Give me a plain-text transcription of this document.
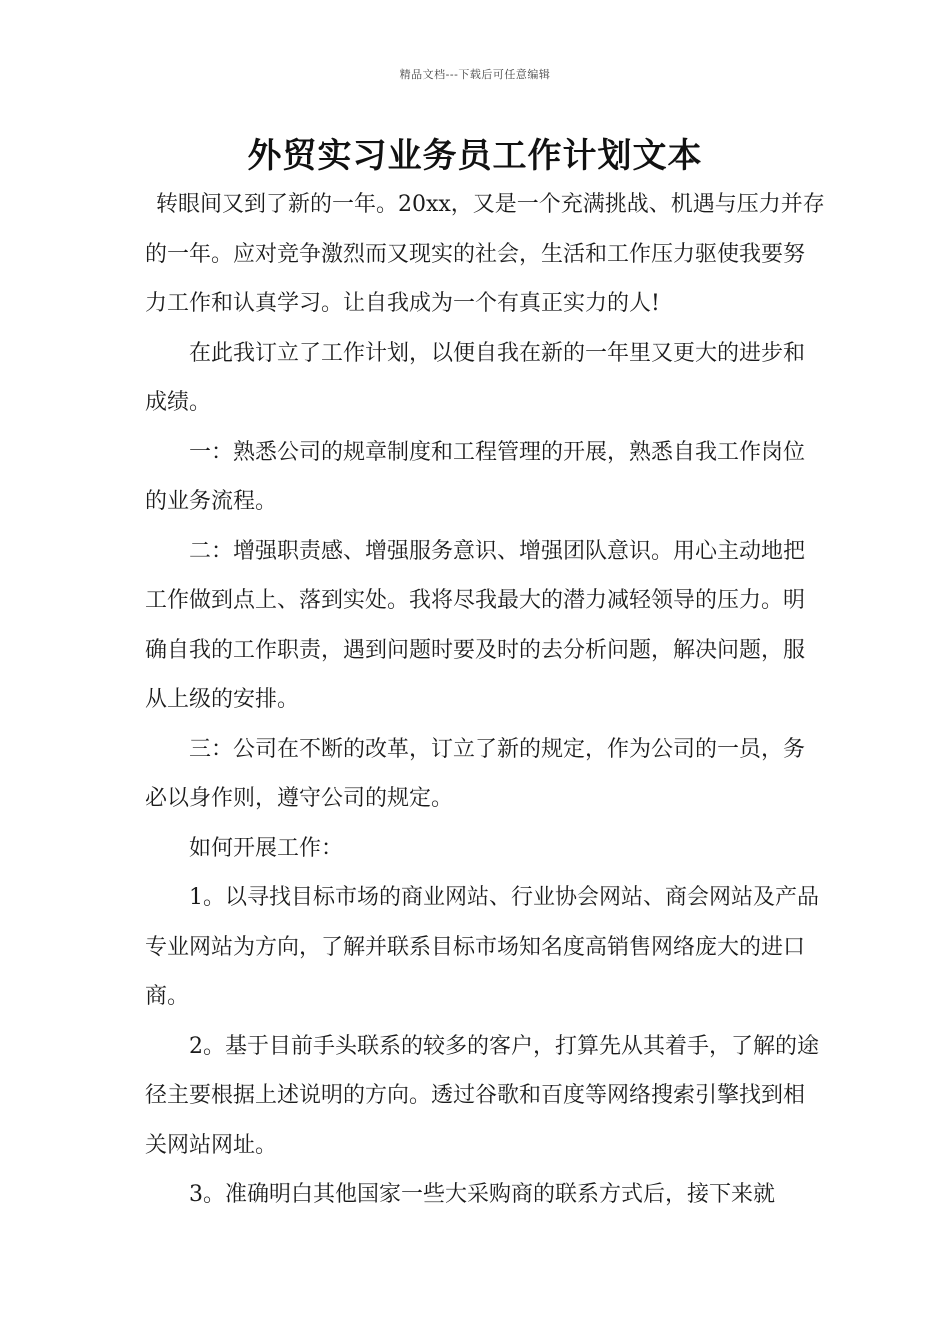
精品文档---下载后可任意编辑
外贸实习业务员工作计划文本

转眼间又到了新的一年。20xx，又是一个充满挑战、机遇与压力并存的一年。应对竞争激烈而又现实的社会，生活和工作压力驱使我要努力工作和认真学习。让自我成为一个有真正实力的人!

在此我订立了工作计划，以便自我在新的一年里又更大的进步和成绩。

一：熟悉公司的规章制度和工程管理的开展，熟悉自我工作岗位的业务流程。

二：增强职责感、增强服务意识、增强团队意识。用心主动地把工作做到点上、落到实处。我将尽我最大的潜力减轻领导的压力。明确自我的工作职责，遇到问题时要及时的去分析问题，解决问题，服从上级的安排。

三：公司在不断的改革，订立了新的规定，作为公司的一员，务必以身作则，遵守公司的规定。

如何开展工作：

1。以寻找目标市场的商业网站、行业协会网站、商会网站及产品专业网站为方向，了解并联系目标市场知名度高销售网络庞大的进口商。

2。基于目前手头联系的较多的客户，打算先从其着手，了解的途径主要根据上述说明的方向。透过谷歌和百度等网络搜索引擎找到相关网站网址。

3。准确明白其他国家一些大采购商的联系方式后，接下来就
